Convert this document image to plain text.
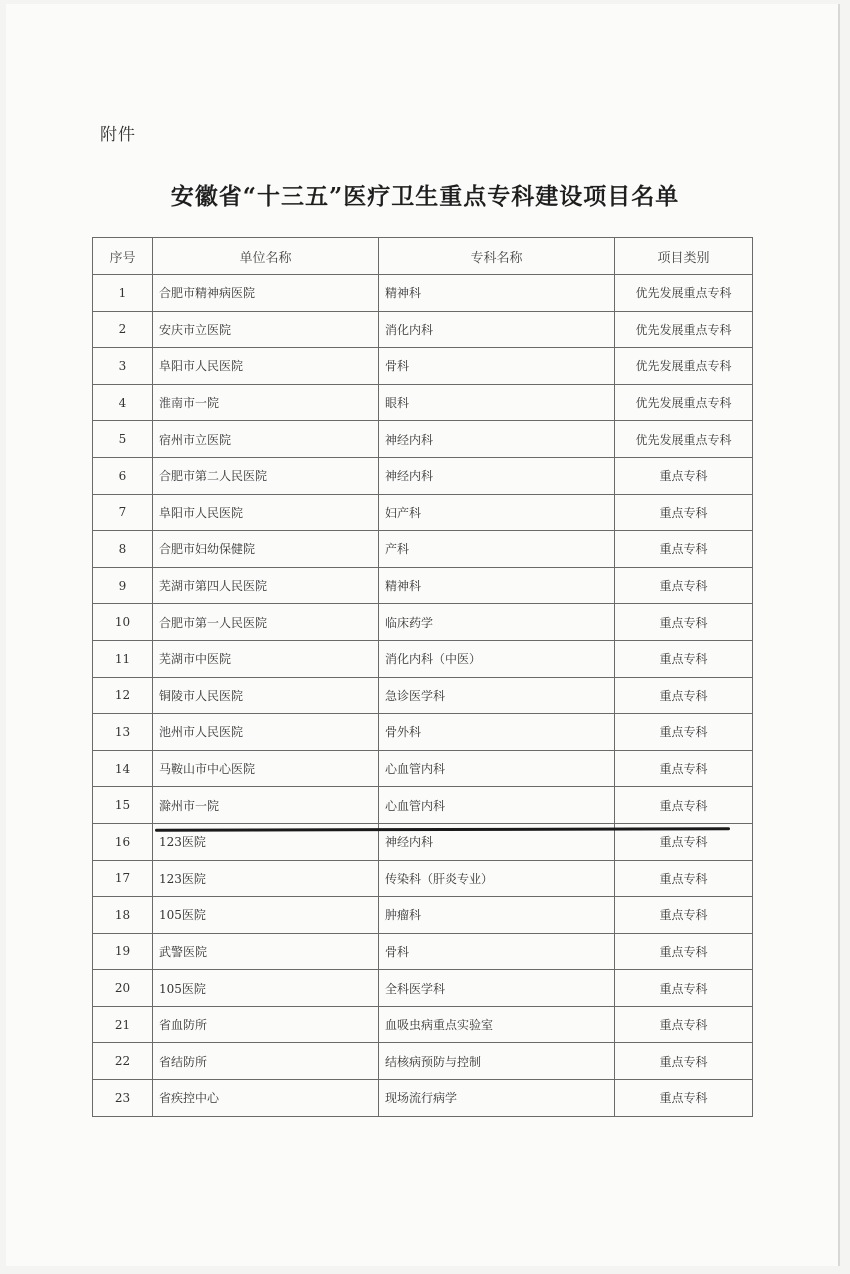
附件
安徽省“十三五”医疗卫生重点专科建设项目名单
序号	单位名称	专科名称	项目类别
1	合肥市精神病医院	精神科	优先发展重点专科
2	安庆市立医院	消化内科	优先发展重点专科
3	阜阳市人民医院	骨科	优先发展重点专科
4	淮南市一院	眼科	优先发展重点专科
5	宿州市立医院	神经内科	优先发展重点专科
6	合肥市第二人民医院	神经内科	重点专科
7	阜阳市人民医院	妇产科	重点专科
8	合肥市妇幼保健院	产科	重点专科
9	芜湖市第四人民医院	精神科	重点专科
10	合肥市第一人民医院	临床药学	重点专科
11	芜湖市中医院	消化内科（中医）	重点专科
12	铜陵市人民医院	急诊医学科	重点专科
13	池州市人民医院	骨外科	重点专科
14	马鞍山市中心医院	心血管内科	重点专科
15	滁州市一院	心血管内科	重点专科
16	123医院	神经内科	重点专科
17	123医院	传染科（肝炎专业）	重点专科
18	105医院	肿瘤科	重点专科
19	武警医院	骨科	重点专科
20	105医院	全科医学科	重点专科
21	省血防所	血吸虫病重点实验室	重点专科
22	省结防所	结核病预防与控制	重点专科
23	省疾控中心	现场流行病学	重点专科
